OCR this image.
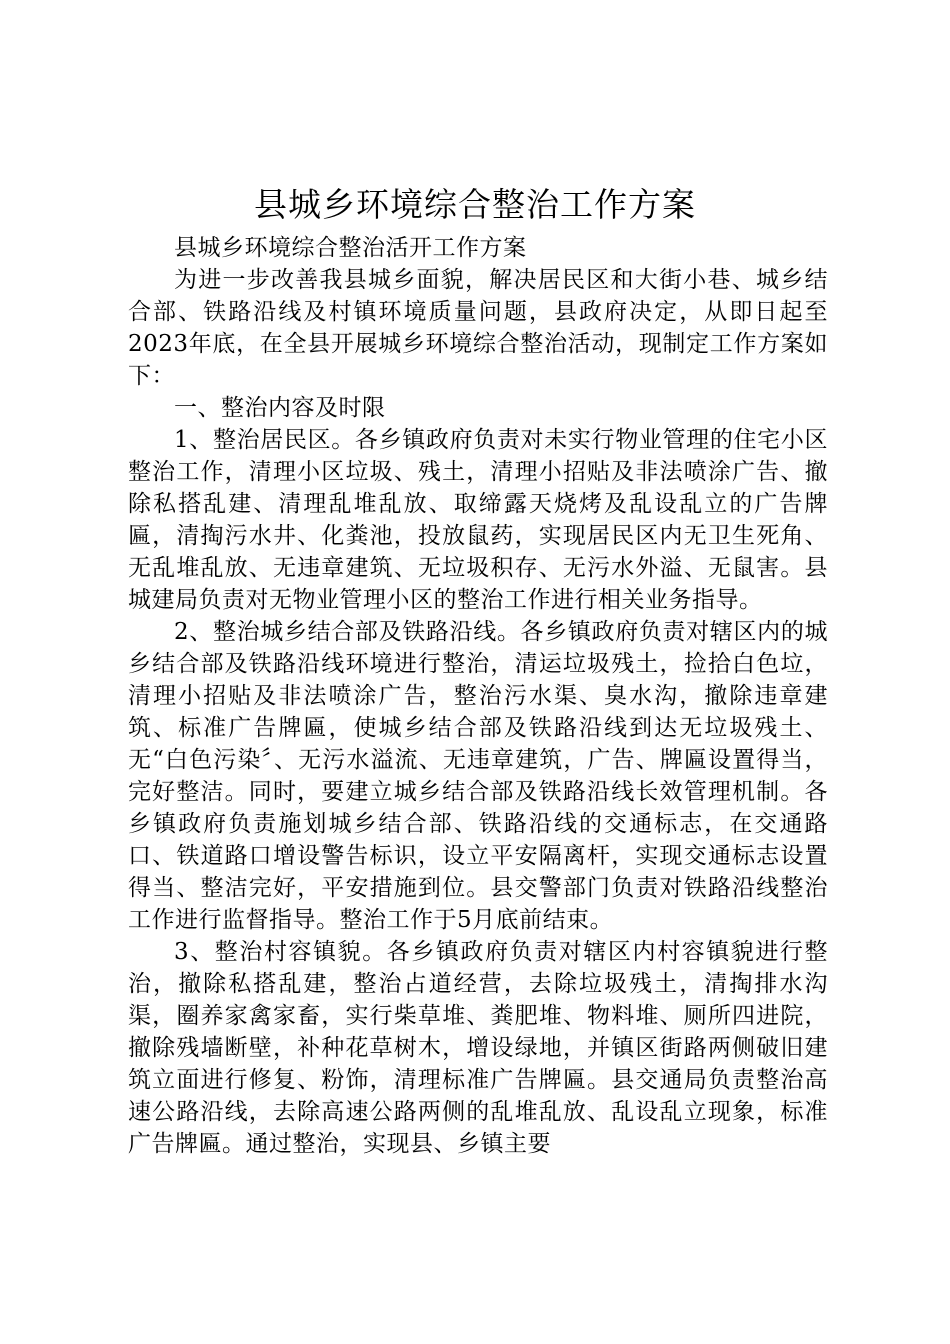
县城乡环境综合整治工作方案

县城乡环境综合整治活开工作方案

为进一步改善我县城乡面貌，解决居民区和大街小巷、城乡结合部、铁路沿线及村镇环境质量问题，县政府决定，从即日起至2023年底，在全县开展城乡环境综合整治活动，现制定工作方案如下：

一、整治内容及时限

1、整治居民区。各乡镇政府负责对未实行物业管理的住宅小区整治工作，清理小区垃圾、残土，清理小招贴及非法喷涂广告、撤除私搭乱建、清理乱堆乱放、取缔露天烧烤及乱设乱立的广告牌匾，清掏污水井、化粪池，投放鼠药，实现居民区内无卫生死角、无乱堆乱放、无违章建筑、无垃圾积存、无污水外溢、无鼠害。县城建局负责对无物业管理小区的整治工作进行相关业务指导。

2、整治城乡结合部及铁路沿线。各乡镇政府负责对辖区内的城乡结合部及铁路沿线环境进行整治，清运垃圾残土，捡拾白色垃，清理小招贴及非法喷涂广告，整治污水渠、臭水沟，撤除违章建筑、标准广告牌匾，使城乡结合部及铁路沿线到达无垃圾残土、无“白色污染〞、无污水溢流、无违章建筑，广告、牌匾设置得当，完好整洁。同时，要建立城乡结合部及铁路沿线长效管理机制。各乡镇政府负责施划城乡结合部、铁路沿线的交通标志，在交通路口、铁道路口增设警告标识，设立平安隔离杆，实现交通标志设置得当、整洁完好，平安措施到位。县交警部门负责对铁路沿线整治工作进行监督指导。整治工作于5月底前结束。

3、整治村容镇貌。各乡镇政府负责对辖区内村容镇貌进行整治，撤除私搭乱建，整治占道经营，去除垃圾残土，清掏排水沟渠，圈养家禽家畜，实行柴草堆、粪肥堆、物料堆、厕所四进院，撤除残墙断壁，补种花草树木，增设绿地，并镇区街路两侧破旧建筑立面进行修复、粉饰，清理标准广告牌匾。县交通局负责整治高速公路沿线，去除高速公路两侧的乱堆乱放、乱设乱立现象，标准广告牌匾。通过整治，实现县、乡镇主要
